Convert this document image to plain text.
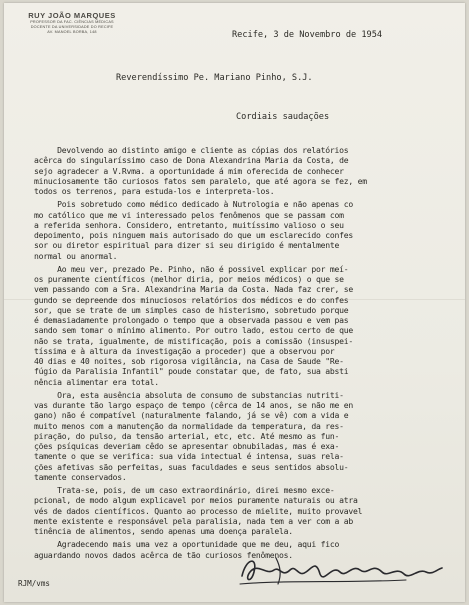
RUY JOÃO MARQUES
PROFESSOR DA FAC. CIÊNCIAS MÉDICAS
DOCENTE DA UNIVERSIDADE DO RECIFE
AV. MANOEL BORBA, 148	Recife, 3 de Novembro de 1954
Reverendíssimo Pe. Mariano Pinho, S.J.
Cordiais saudações
Devolvendo ao distinto amigo e cliente as cópias dos relatórios
acêrca do singularíssimo caso de Dona Alexandrina Maria da Costa, de
sejo agradecer a V.Rvma. a oportunidade á mim oferecida de conhecer
minuciosamente tão curiosos fatos sem paralelo, que até agora se fez, em
todos os terrenos, para estuda-los e interpreta-los.
Pois sobretudo como médico dedicado à Nutrologia e não apenas co
mo católico que me vi interessado pelos fenômenos que se passam com
a referida senhora. Considero, entretanto, muitíssimo valioso o seu
depoimento, pois ninguem mais autorisado do que um esclarecido confes
sor ou diretor espiritual para dizer si seu dirigido é mentalmente
normal ou anormal.
Ao meu ver, prezado Pe. Pinho, não é possivel explicar por meí-
os puramente científicos (melhor diria, por meios médicos) o que se
vem passando com a Sra. Alexandrina Maria da Costa. Nada faz crer, se
gundo se depreende dos minuciosos relatórios dos médicos e do confes
sor, que se trate de um simples caso de histerismo, sobretudo porque
é demasiadamente prolongado o tempo que a observada passou e vem pas
sando sem tomar o mínimo alimento. Por outro lado, estou certo de que
não se trata, igualmente, de mistificação, pois a comissão (insuspei-
tíssima e à altura da investigação a proceder) que a observou por
40 dias e 40 noites, sob rigorosa vigilância, na Casa de Saude "Re-
fúgio da Paralisia Infantil" poude constatar que, de fato, sua absti
nência alimentar era total.
Ora, esta ausência absoluta de consumo de substancias nutriti-
vas durante tão largo espaço de tempo (cêrca de 14 anos, se não me en
gano) não é compatível (naturalmente falando, já se vê) com a vida e
muito menos com a manutenção da normalidade da temperatura, da res-
piração, do pulso, da tensão arterial, etc, etc. Até mesmo as fun-
ções psíquicas deveriam cêdo se apresentar obnubiladas, mas é exa-
tamente o que se verifica: sua vida intectual é intensa, suas rela-
ções afetivas são perfeitas, suas faculdades e seus sentidos absolu-
tamente conservados.
Trata-se, pois, de um caso extraordinário, direi mesmo exce-
pcional, de modo algum explicavel por meios puramente naturais ou atra
vés de dados científicos. Quanto ao processo de mielite, muito provavel
mente existente e responsável pela paralisia, nada tem a ver com a ab
tinência de alimentos, sendo apenas uma doença paralela.
Agradecendo mais uma vez a oportunidade que me deu, aqui fico
aguardando novos dados acêrca de tão curiosos fenômenos.
RJM/vms
